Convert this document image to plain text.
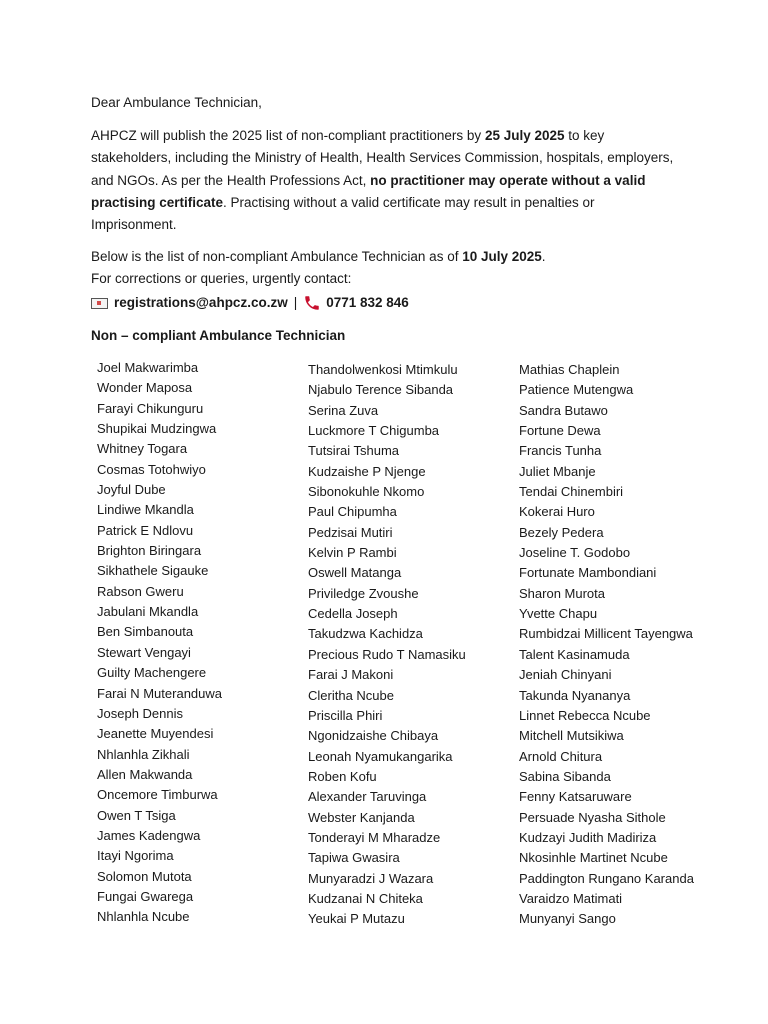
Dear Ambulance Technician,

AHPCZ will publish the 2025 list of non-compliant practitioners by 25 July 2025 to key stakeholders, including the Ministry of Health, Health Services Commission, hospitals, employers, and NGOs. As per the Health Professions Act, no practitioner may operate without a valid practising certificate. Practising without a valid certificate may result in penalties or Imprisonment.

Below is the list of non-compliant Ambulance Technician as of 10 July 2025.
For corrections or queries, urgently contact:
registrations@ahpcz.co.zw | 0771 832 846
Non – compliant Ambulance Technician
Joel Makwarimba
Wonder Maposa
Farayi Chikunguru
Shupikai Mudzingwa
Whitney Togara
Cosmas Totohwiyo
Joyful Dube
Lindiwe Mkandla
Patrick E Ndlovu
Brighton Biringara
Sikhathele Sigauke
Rabson Gweru
Jabulani Mkandla
Ben Simbanouta
Stewart Vengayi
Guilty Machengere
Farai N Muteranduwa
Joseph Dennis
Jeanette Muyendesi
Nhlanhla Zikhali
Allen Makwanda
Oncemore Timburwa
Owen T Tsiga
James Kadengwa
Itayi Ngorima
Solomon Mutota
Fungai Gwarega
Nhlanhla Ncube
Thandolwenkosi Mtimkulu
Njabulo Terence Sibanda
Serina Zuva
Luckmore T Chigumba
Tutsirai Tshuma
Kudzaishe P Njenge
Sibonokuhle Nkomo
Paul Chipumha
Pedzisai Mutiri
Kelvin P Rambi
Oswell Matanga
Priviledge Zvoushe
Cedella Joseph
Takudzwa Kachidza
Precious Rudo T Namasiku
Farai J Makoni
Cleritha Ncube
Priscilla Phiri
Ngonidzaishe Chibaya
Leonah Nyamukangarika
Roben Kofu
Alexander Taruvinga
Webster Kanjanda
Tonderayi M Mharadze
Tapiwa Gwasira
Munyaradzi J Wazara
Kudzanai N Chiteka
Yeukai P Mutazu
Mathias Chaplein
Patience Mutengwa
Sandra Butawo
Fortune Dewa
Francis Tunha
Juliet Mbanje
Tendai Chinembiri
Kokerai Huro
Bezely Pedera
Joseline T. Godobo
Fortunate Mambondiani
Sharon Murota
Yvette Chapu
Rumbidzai Millicent Tayengwa
Talent Kasinamuda
Jeniah Chinyani
Takunda Nyananya
Linnet Rebecca Ncube
Mitchell Mutsikiwa
Arnold Chitura
Sabina Sibanda
Fenny Katsaruware
Persuade Nyasha Sithole
Kudzayi Judith Madiriza
Nkosinhle Martinet Ncube
Paddington Rungano Karanda
Varaidzo Matimati
Munyanyi Sango
